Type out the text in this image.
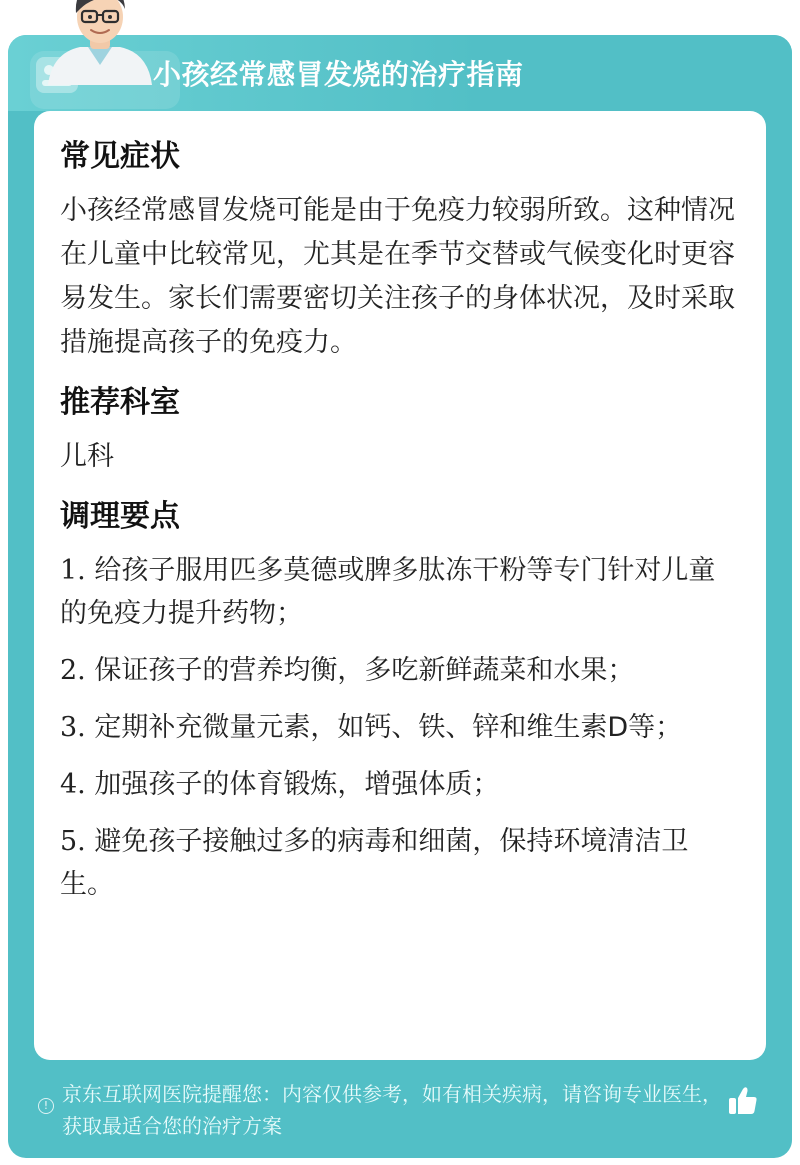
小孩经常感冒发烧的治疗指南
常见症状
小孩经常感冒发烧可能是由于免疫力较弱所致。这种情况在儿童中比较常见，尤其是在季节交替或气候变化时更容易发生。家长们需要密切关注孩子的身体状况，及时采取措施提高孩子的免疫力。
推荐科室
儿科
调理要点
1. 给孩子服用匹多莫德或脾多肽冻干粉等专门针对儿童的免疫力提升药物；
2. 保证孩子的营养均衡，多吃新鲜蔬菜和水果；
3. 定期补充微量元素，如钙、铁、锌和维生素D等；
4. 加强孩子的体育锻炼，增强体质；
5. 避免孩子接触过多的病毒和细菌，保持环境清洁卫生。
! 京东互联网医院提醒您：内容仅供参考，如有相关疾病，请咨询专业医生，获取最适合您的治疗方案
